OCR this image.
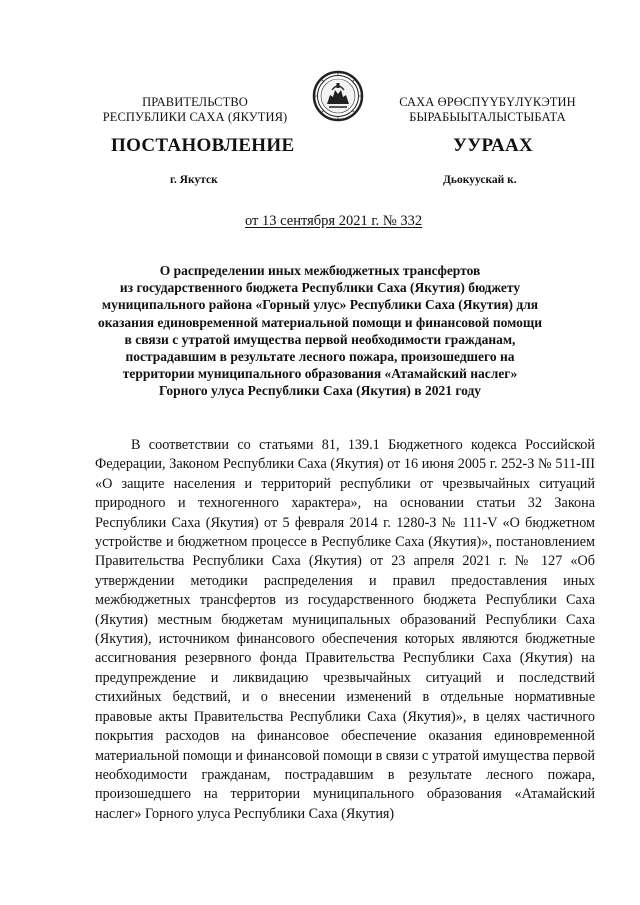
ПРАВИТЕЛЬСТВО
РЕСПУБЛИКИ САХА (ЯКУТИЯ)
САХА ӨРӨСПҮҮБҮЛҮКЭТИН
БЫРАБЫЫТАЛЫСТЫБАТА
ПОСТАНОВЛЕНИЕ	УУРААХ
г. Якутск	Дьокуускай к.
от 13 сентября 2021 г. № 332
О распределении иных межбюджетных трансфертов
из государственного бюджета Республики Саха (Якутия) бюджету
муниципального района «Горный улус» Республики Саха (Якутия) для
оказания единовременной материальной помощи и финансовой помощи
в связи с утратой имущества первой необходимости гражданам,
пострадавшим в результате лесного пожара, произошедшего на
территории муниципального образования «Атамайский наслег»
Горного улуса Республики Саха (Якутия) в 2021 году

В соответствии со статьями 81, 139.1 Бюджетного кодекса Российской Федерации, Законом Республики Саха (Якутия) от 16 июня 2005 г. 252-З № 511-III «О защите населения и территорий республики от чрезвычайных ситуаций природного и техногенного характера», на основании статьи 32 Закона Республики Саха (Якутия) от 5 февраля 2014 г. 1280-З № 111-V «О бюджетном устройстве и бюджетном процессе в Республике Саха (Якутия)», постановлением Правительства Республики Саха (Якутия) от 23 апреля 2021 г. № 127 «Об утверждении методики распределения и правил предоставления иных межбюджетных трансфертов из государственного бюджета Республики Саха (Якутия) местным бюджетам муниципальных образований Республики Саха (Якутия), источником финансового обеспечения которых являются бюджетные ассигнования резервного фонда Правительства Республики Саха (Якутия) на предупреждение и ликвидацию чрезвычайных ситуаций и последствий стихийных бедствий, и о внесении изменений в отдельные нормативные правовые акты Правительства Республики Саха (Якутия)», в целях частичного покрытия расходов на финансовое обеспечение оказания единовременной материальной помощи и финансовой помощи в связи с утратой имущества первой необходимости гражданам, пострадавшим в результате лесного пожара, произошедшего на территории муниципального образования «Атамайский наслег» Горного улуса Республики Саха (Якутия)
